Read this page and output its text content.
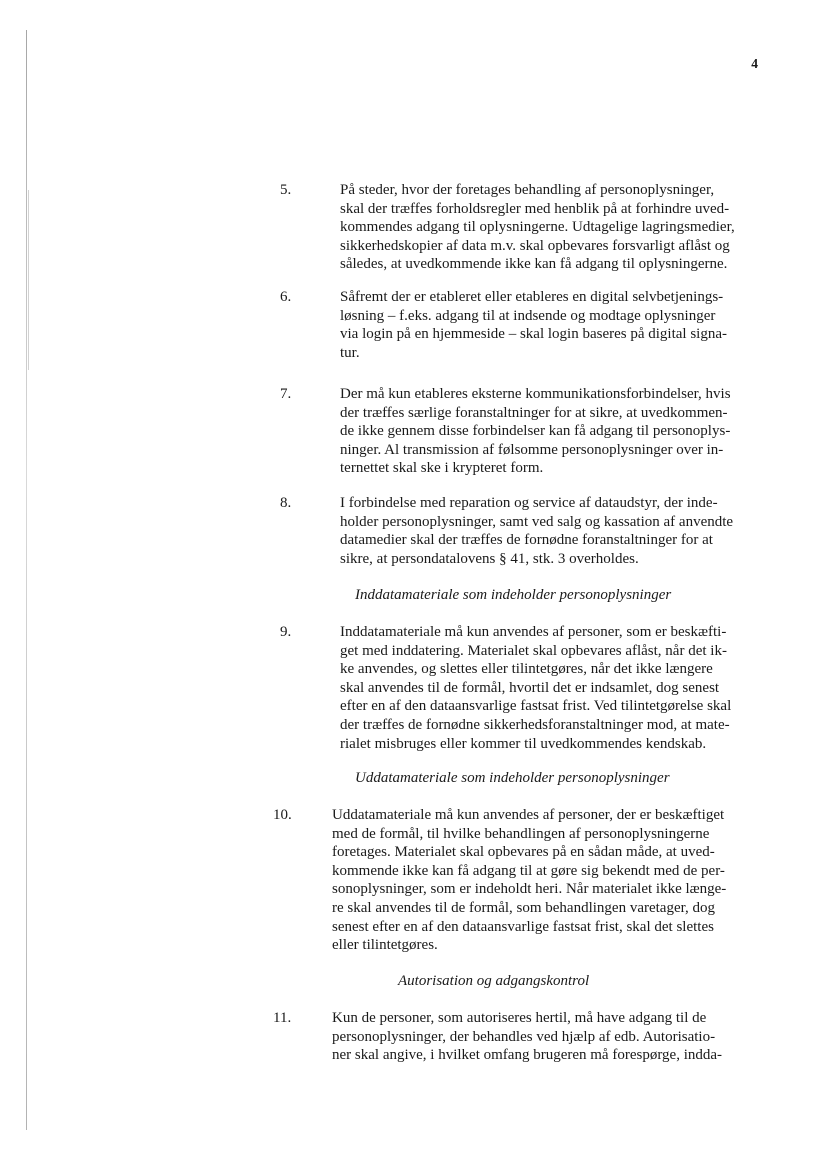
4
5.	På steder, hvor der foretages behandling af personoplysninger,
skal der træffes forholdsregler med henblik på at forhindre uved-
kommendes adgang til oplysningerne. Udtagelige lagringsmedier,
sikkerhedskopier af data m.v. skal opbevares forsvarligt aflåst og
således, at uvedkommende ikke kan få adgang til oplysningerne.
6.	Såfremt der er etableret eller etableres en digital selvbetjenings-
løsning – f.eks. adgang til at indsende og modtage oplysninger
via login på en hjemmeside – skal login baseres på digital signa-
tur.
7.	Der må kun etableres eksterne kommunikationsforbindelser, hvis
der træffes særlige foranstaltninger for at sikre, at uvedkommen-
de ikke gennem disse forbindelser kan få adgang til personoplys-
ninger. Al transmission af følsomme personoplysninger over in-
ternettet skal ske i krypteret form.
8.	I forbindelse med reparation og service af dataudstyr, der inde-
holder personoplysninger, samt ved salg og kassation af anvendte
datamedier skal der træffes de fornødne foranstaltninger for at
sikre, at persondatalovens § 41, stk. 3 overholdes.
Inddatamateriale som indeholder personoplysninger
9.	Inddatamateriale må kun anvendes af personer, som er beskæfti-
get med inddatering. Materialet skal opbevares aflåst, når det ik-
ke anvendes, og slettes eller tilintetgøres, når det ikke længere
skal anvendes til de formål, hvortil det er indsamlet, dog senest
efter en af den dataansvarlige fastsat frist. Ved tilintetgørelse skal
der træffes de fornødne sikkerhedsforanstaltninger mod, at mate-
rialet misbruges eller kommer til uvedkommendes kendskab.
Uddatamateriale som indeholder personoplysninger
10.	Uddatamateriale må kun anvendes af personer, der er beskæftiget
med de formål, til hvilke behandlingen af personoplysningerne
foretages. Materialet skal opbevares på en sådan måde, at uved-
kommende ikke kan få adgang til at gøre sig bekendt med de per-
sonoplysninger, som er indeholdt heri. Når materialet ikke længe-
re skal anvendes til de formål, som behandlingen varetager, dog
senest efter en af den dataansvarlige fastsat frist, skal det slettes
eller tilintetgøres.
Autorisation og adgangskontrol
11.	Kun de personer, som autoriseres hertil, må have adgang til de
personoplysninger, der behandles ved hjælp af edb. Autorisatio-
ner skal angive, i hvilket omfang brugeren må forespørge, indda-
